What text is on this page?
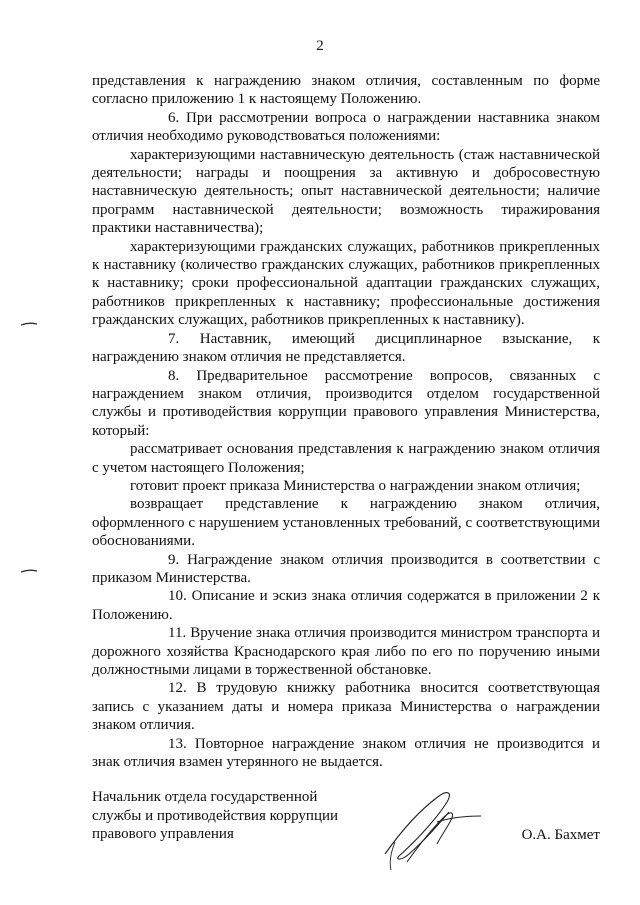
2

представления к награждению знаком отличия, составленным по форме согласно приложению 1 к настоящему Положению.

6. При рассмотрении вопроса о награждении наставника знаком отличия необходимо руководствоваться положениями:

характеризующими наставническую деятельность (стаж наставнической деятельности; награды и поощрения за активную и добросовестную наставническую деятельность; опыт наставнической деятельности; наличие программ наставнической деятельности; возможность тиражирования практики наставничества);

характеризующими гражданских служащих, работников прикрепленных к наставнику (количество гражданских служащих, работников прикрепленных к наставнику; сроки профессиональной адаптации гражданских служащих, работников прикрепленных к наставнику; профессиональные достижения гражданских служащих, работников прикрепленных к наставнику).

7. Наставник, имеющий дисциплинарное взыскание, к награждению знаком отличия не представляется.

8. Предварительное рассмотрение вопросов, связанных с награждением знаком отличия, производится отделом государственной службы и противодействия коррупции правового управления Министерства, который:

рассматривает основания представления к награждению знаком отличия с учетом настоящего Положения;

готовит проект приказа Министерства о награждении знаком отличия;

возвращает представление к награждению знаком отличия, оформленного с нарушением установленных требований, с соответствующими обоснованиями.

9. Награждение знаком отличия производится в соответствии с приказом Министерства.

10. Описание и эскиз знака отличия содержатся в приложении 2 к Положению.

11. Вручение знака отличия производится министром транспорта и дорожного хозяйства Краснодарского края либо по его по поручению иными должностными лицами в торжественной обстановке.

12. В трудовую книжку работника вносится соответствующая запись с указанием даты и номера приказа Министерства о награждении знаком отличия.

13. Повторное награждение знаком отличия не производится и знак отличия взамен утерянного не выдается.

Начальник отдела государственной
службы и противодействия коррупции
правового управления	О.А. Бахмет
